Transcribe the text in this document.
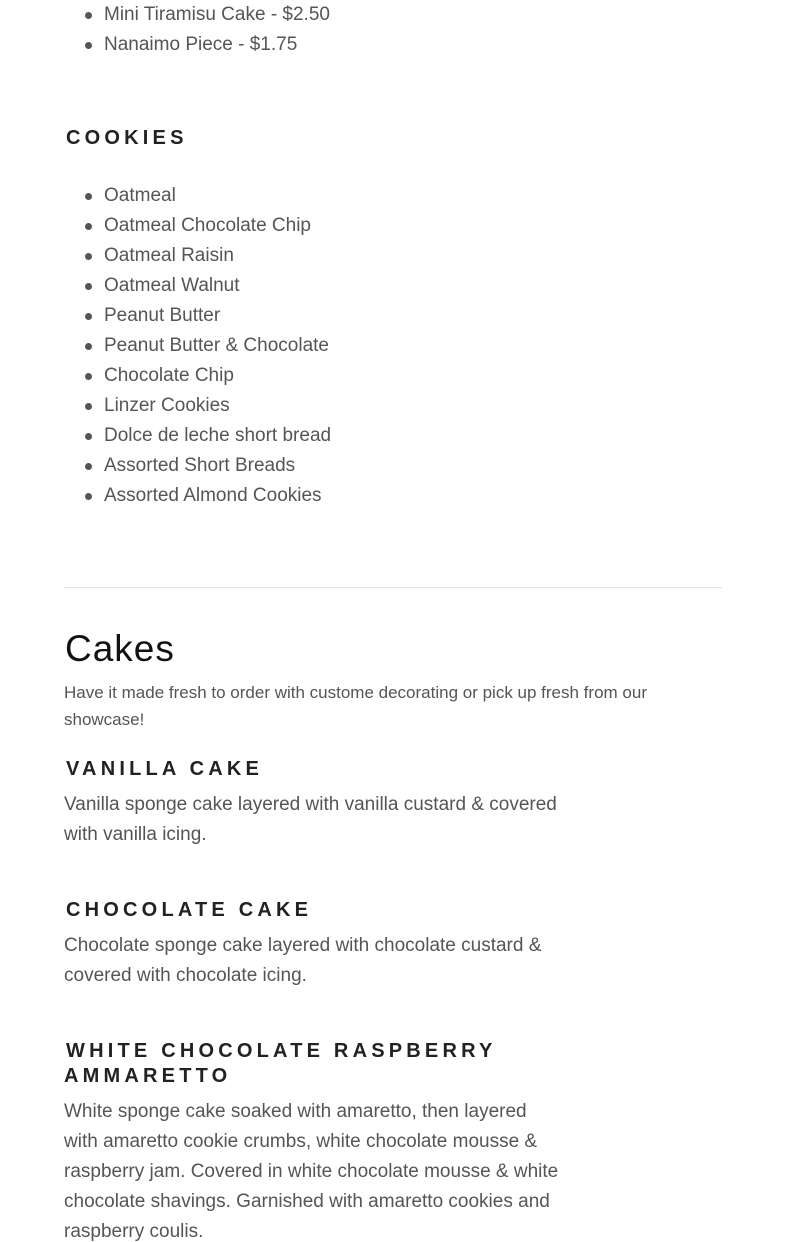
Mini Tiramisu Cake - $2.50
Nanaimo Piece - $1.75
COOKIES
Oatmeal
Oatmeal Chocolate Chip
Oatmeal Raisin
Oatmeal Walnut
Peanut Butter
Peanut Butter & Chocolate
Chocolate Chip
Linzer Cookies
Dolce de leche short bread
Assorted Short Breads
Assorted Almond Cookies
Cakes

Have it made fresh to order with custome decorating or pick up fresh from our showcase!

VANILLA CAKE

Vanilla sponge cake layered with vanilla custard & covered with vanilla icing.

CHOCOLATE CAKE

Chocolate sponge cake layered with chocolate custard & covered with chocolate icing.

WHITE CHOCOLATE RASPBERRY
AMMARETTO

White sponge cake soaked with amaretto, then layered with amaretto cookie crumbs, white chocolate mousse & raspberry jam. Covered in white chocolate mousse & white chocolate shavings. Garnished with amaretto cookies and raspberry coulis.
